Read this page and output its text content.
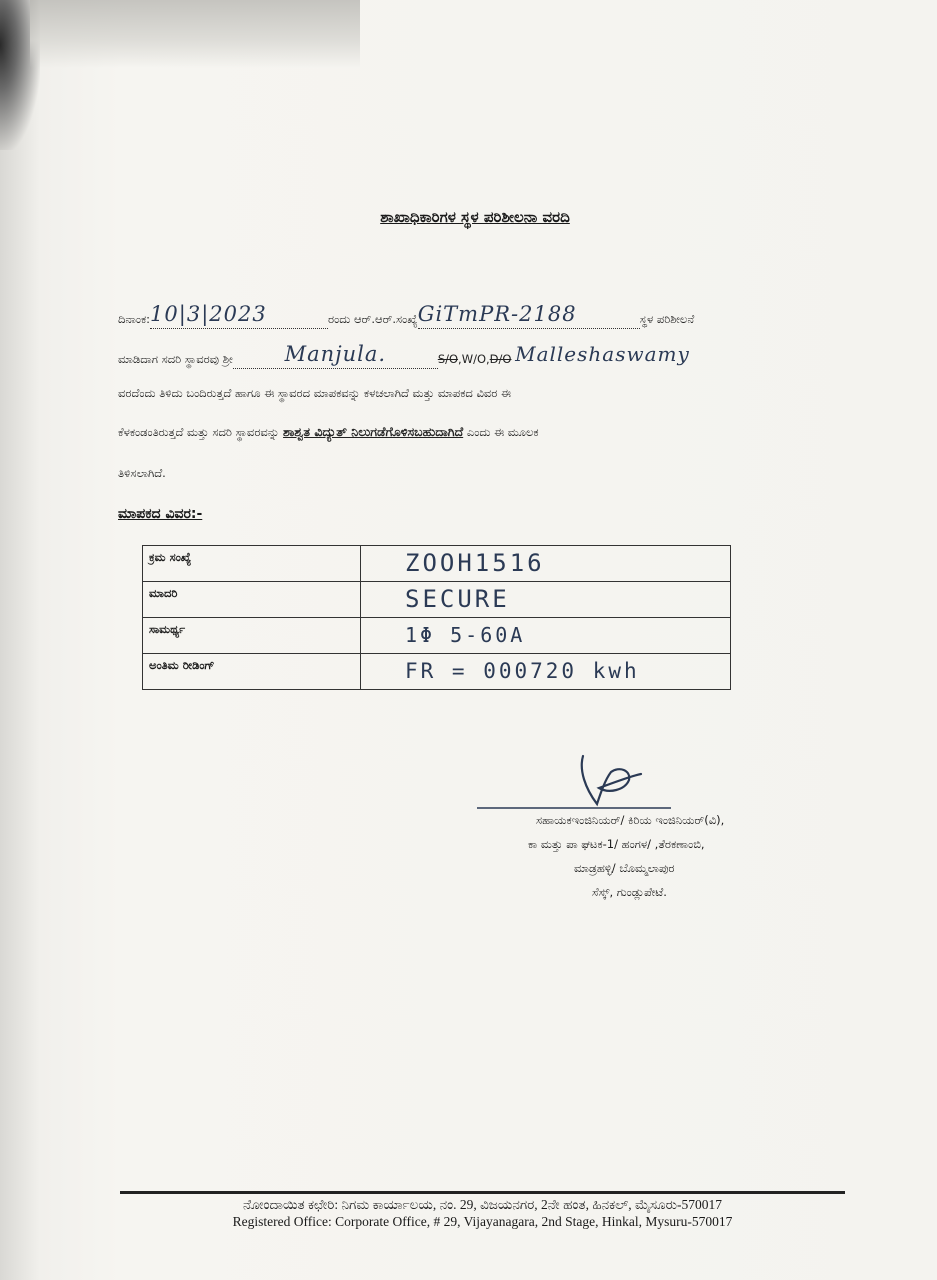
ಶಾಖಾಧಿಕಾರಿಗಳ ಸ್ಥಳ ಪರಿಶೀಲನಾ ವರದಿ
ದಿನಾಂಕ:10|3|2023	ರಂದು ಆರ್.ಆರ್.ಸಂಖ್ಯೆGiTmPR-2188	ಸ್ಥಳ ಪರಿಶೀಲನೆ
ಮಾಡಿದಾಗ ಸದರಿ ಸ್ಥಾವರವು ಶ್ರೀ Manjula.	S/O,W/O,D/O Malleshaswamy
ವರದೆಂದು ತಿಳಿದು ಬಂದಿರುತ್ತದೆ ಹಾಗೂ ಈ ಸ್ಥಾವರದ ಮಾಪಕವನ್ನು ಕಳಚಲಾಗಿದೆ ಮತ್ತು ಮಾಪಕದ ವಿವರ ಈ
ಕೆಳಕಂಡಂತಿರುತ್ತದೆ ಮತ್ತು ಸದರಿ ಸ್ಥಾವರವನ್ನು ಶಾಶ್ವತ ವಿದ್ಯುತ್ ನಿಲುಗಡೆಗೊಳಿಸಬಹುದಾಗಿದೆ ಎಂದು ಈ ಮೂಲಕ
ತಿಳಿಸಲಾಗಿದೆ.
ಮಾಪಕದ ವಿವರ:-
ಕ್ರಮ ಸಂಖ್ಯೆ	ZOOH1516
ಮಾದರಿ	SECURE
ಸಾಮರ್ಥ್ಯ	1Φ 5-60A
ಅಂತಿಮ ರೀಡಿಂಗ್	FR = 000720 kwh
ಸಹಾಯಕಇಂಜಿನಿಯರ್/ ಕಿರಿಯ ಇಂಜಿನಿಯರ್(ವಿ),
ಕಾ ಮತ್ತು ಪಾ ಘಟಕ-1/ ಹಂಗಳ/ ,ತೆರಕಣಾಂಬಿ,
ಮಾಡ್ರಹಳ್ಳಿ/ ಬೊಮ್ಮಲಾಪುರ
ಸೆಸ್ಕ್, ಗುಂಡ್ಲುಪೇಟೆ.
ನೋಂದಾಯಿತ ಕಛೇರಿ: ನಿಗಮ ಕಾರ್ಯಾಲಯ, ನಂ. 29, ವಿಜಯನಗರ, 2ನೇ ಹಂತ, ಹಿನಕಲ್, ಮೈಸೂರು-570017
Registered Office: Corporate Office, # 29, Vijayanagara, 2nd Stage, Hinkal, Mysuru-570017
